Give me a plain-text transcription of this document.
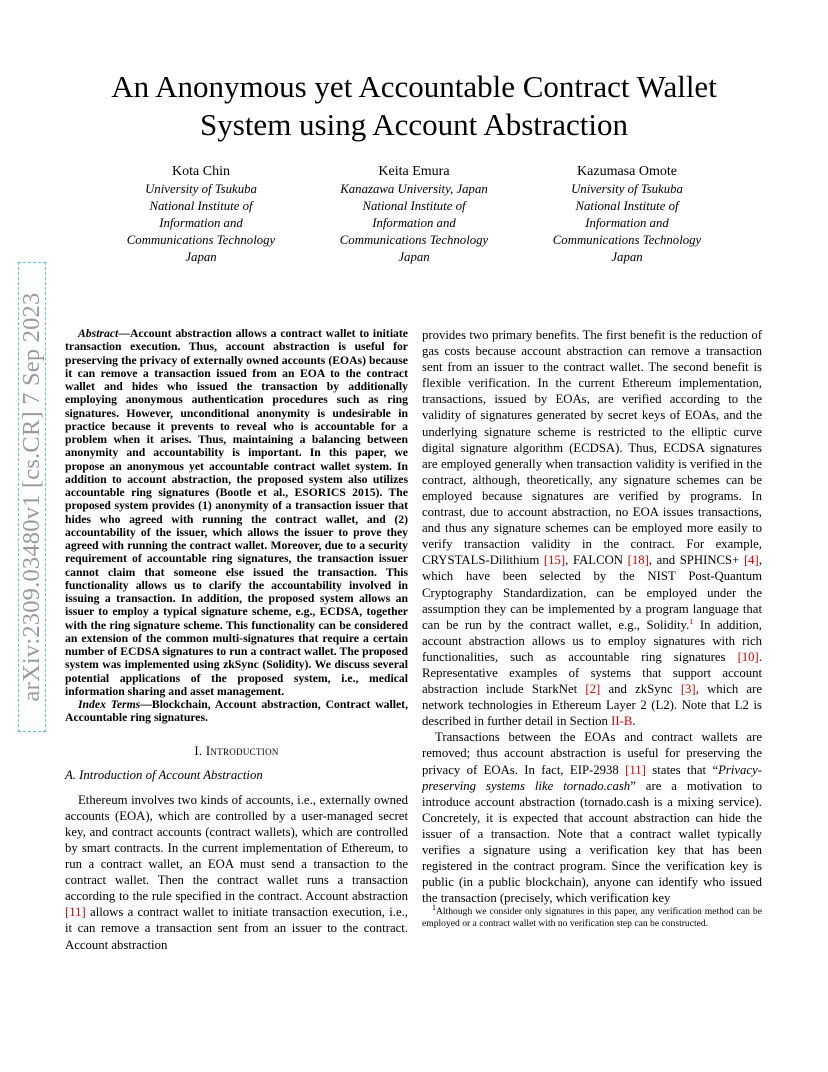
arXiv:2309.03480v1 [cs.CR] 7 Sep 2023
An Anonymous yet Accountable Contract Wallet
System using Account Abstraction
Kota Chin
University of Tsukuba
National Institute of
Information and
Communications Technology
Japan
Keita Emura
Kanazawa University, Japan
National Institute of
Information and
Communications Technology
Japan
Kazumasa Omote
University of Tsukuba
National Institute of
Information and
Communications Technology
Japan

Abstract—Account abstraction allows a contract wallet to initiate transaction execution. Thus, account abstraction is useful for preserving the privacy of externally owned accounts (EOAs) because it can remove a transaction issued from an EOA to the contract wallet and hides who issued the transaction by additionally employing anonymous authentication procedures such as ring signatures. However, unconditional anonymity is undesirable in practice because it prevents to reveal who is accountable for a problem when it arises. Thus, maintaining a balancing between anonymity and accountability is important. In this paper, we propose an anonymous yet accountable contract wallet system. In addition to account abstraction, the proposed system also utilizes accountable ring signatures (Bootle et al., ESORICS 2015). The proposed system provides (1) anonymity of a transaction issuer that hides who agreed with running the contract wallet, and (2) accountability of the issuer, which allows the issuer to prove they agreed with running the contract wallet. Moreover, due to a security requirement of accountable ring signatures, the transaction issuer cannot claim that someone else issued the transaction. This functionality allows us to clarify the accountability involved in issuing a transaction. In addition, the proposed system allows an issuer to employ a typical signature scheme, e.g., ECDSA, together with the ring signature scheme. This functionality can be considered an extension of the common multi-signatures that require a certain number of ECDSA signatures to run a contract wallet. The proposed system was implemented using zkSync (Solidity). We discuss several potential applications of the proposed system, i.e., medical information sharing and asset management.

Index Terms—Blockchain, Account abstraction, Contract wallet, Accountable ring signatures.

I. Introduction
A. Introduction of Account Abstraction

Ethereum involves two kinds of accounts, i.e., externally owned accounts (EOA), which are controlled by a user-managed secret key, and contract accounts (contract wallets), which are controlled by smart contracts. In the current implementation of Ethereum, to run a contract wallet, an EOA must send a transaction to the contract wallet. Then the contract wallet runs a transaction according to the rule specified in the contract. Account abstraction [11] allows a contract wallet to initiate transaction execution, i.e., it can remove a transaction sent from an issuer to the contract. Account abstraction

provides two primary benefits. The first benefit is the reduction of gas costs because account abstraction can remove a transaction sent from an issuer to the contract wallet. The second benefit is flexible verification. In the current Ethereum implementation, transactions, issued by EOAs, are verified according to the validity of signatures generated by secret keys of EOAs, and the underlying signature scheme is restricted to the elliptic curve digital signature algorithm (ECDSA). Thus, ECDSA signatures are employed generally when transaction validity is verified in the contract, although, theoretically, any signature schemes can be employed because signatures are verified by programs. In contrast, due to account abstraction, no EOA issues transactions, and thus any signature schemes can be employed more easily to verify transaction validity in the contract. For example, CRYSTALS-Dilithium [15], FALCON [18], and SPHINCS+ [4], which have been selected by the NIST Post-Quantum Cryptography Standardization, can be employed under the assumption they can be implemented by a program language that can be run by the contract wallet, e.g., Solidity.$^1$ In addition, account abstraction allows us to employ signatures with rich functionalities, such as accountable ring signatures [10]. Representative examples of systems that support account abstraction include StarkNet [2] and zkSync [3], which are network technologies in Ethereum Layer 2 (L2). Note that L2 is described in further detail in Section II-B.

Transactions between the EOAs and contract wallets are removed; thus account abstraction is useful for preserving the privacy of EOAs. In fact, EIP-2938 [11] states that “Privacy-preserving systems like tornado.cash” are a motivation to introduce account abstraction (tornado.cash is a mixing service). Concretely, it is expected that account abstraction can hide the issuer of a transaction. Note that a contract wallet typically verifies a signature using a verification key that has been registered in the contract program. Since the verification key is public (in a public blockchain), anyone can identify who issued the transaction (precisely, which verification key

$^1$Although we consider only signatures in this paper, any verification method can be employed or a contract wallet with no verification step can be constructed.
